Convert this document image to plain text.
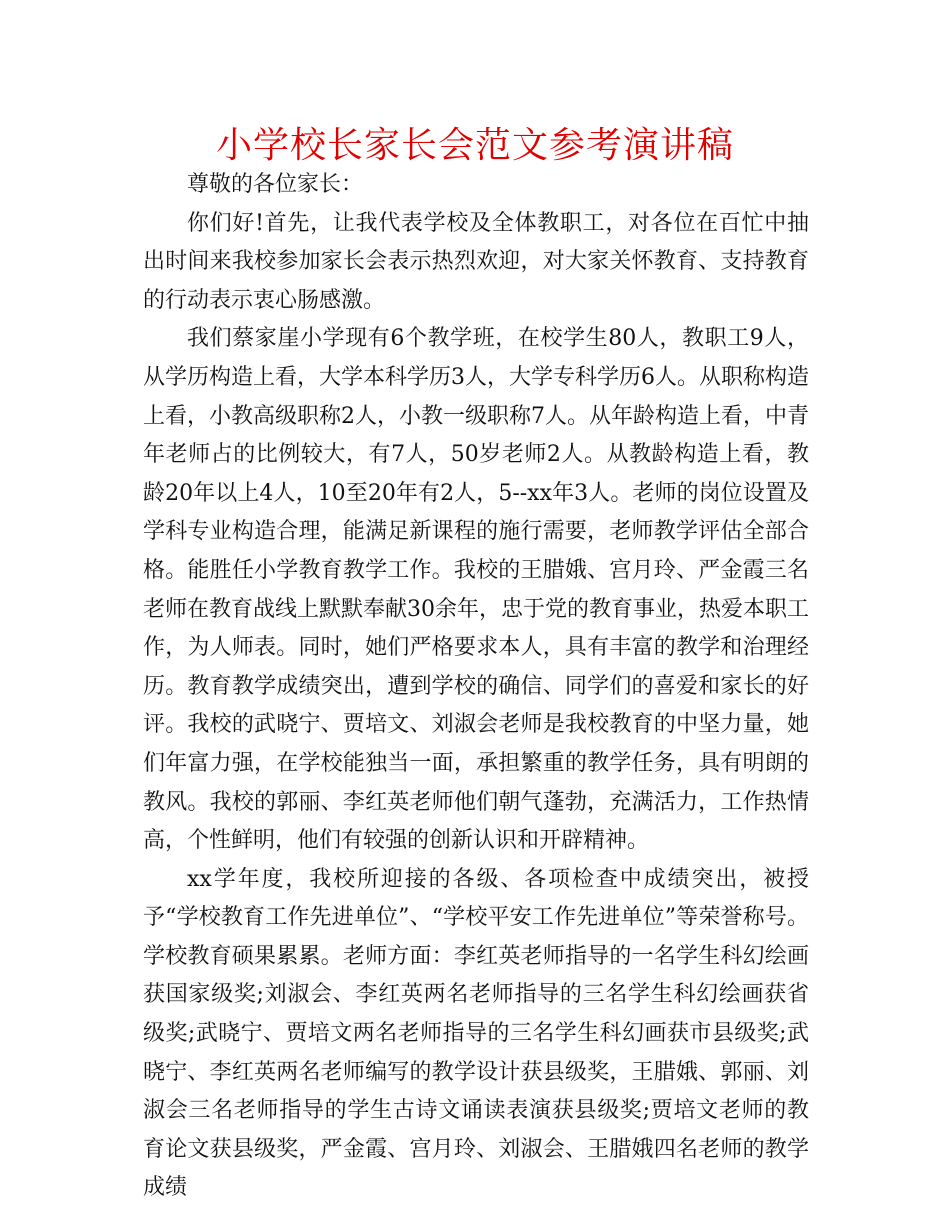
小学校长家长会范文参考演讲稿

尊敬的各位家长：

你们好!首先，让我代表学校及全体教职工，对各位在百忙中抽出时间来我校参加家长会表示热烈欢迎，对大家关怀教育、支持教育的行动表示衷心肠感激。

我们蔡家崖小学现有6个教学班，在校学生80人，教职工9人，从学历构造上看，大学本科学历3人，大学专科学历6人。从职称构造上看，小教高级职称2人，小教一级职称7人。从年龄构造上看，中青年老师占的比例较大，有7人，50岁老师2人。从教龄构造上看，教龄20年以上4人，10至20年有2人，5--xx年3人。老师的岗位设置及学科专业构造合理，能满足新课程的施行需要，老师教学评估全部合格。能胜任小学教育教学工作。我校的王腊娥、宫月玲、严金霞三名老师在教育战线上默默奉献30余年，忠于党的教育事业，热爱本职工作，为人师表。同时，她们严格要求本人，具有丰富的教学和治理经历。教育教学成绩突出，遭到学校的确信、同学们的喜爱和家长的好评。我校的武晓宁、贾培文、刘淑会老师是我校教育的中坚力量，她们年富力强，在学校能独当一面，承担繁重的教学任务，具有明朗的教风。我校的郭丽、李红英老师他们朝气蓬勃，充满活力，工作热情高，个性鲜明，他们有较强的创新认识和开辟精神。

xx学年度，我校所迎接的各级、各项检查中成绩突出，被授予“学校教育工作先进单位”、“学校平安工作先进单位”等荣誉称号。学校教育硕果累累。老师方面：李红英老师指导的一名学生科幻绘画获国家级奖;刘淑会、李红英两名老师指导的三名学生科幻绘画获省级奖;武晓宁、贾培文两名老师指导的三名学生科幻画获市县级奖;武晓宁、李红英两名老师编写的教学设计获县级奖，王腊娥、郭丽、刘淑会三名老师指导的学生古诗文诵读表演获县级奖;贾培文老师的教育论文获县级奖，严金霞、宫月玲、刘淑会、王腊娥四名老师的教学成绩
